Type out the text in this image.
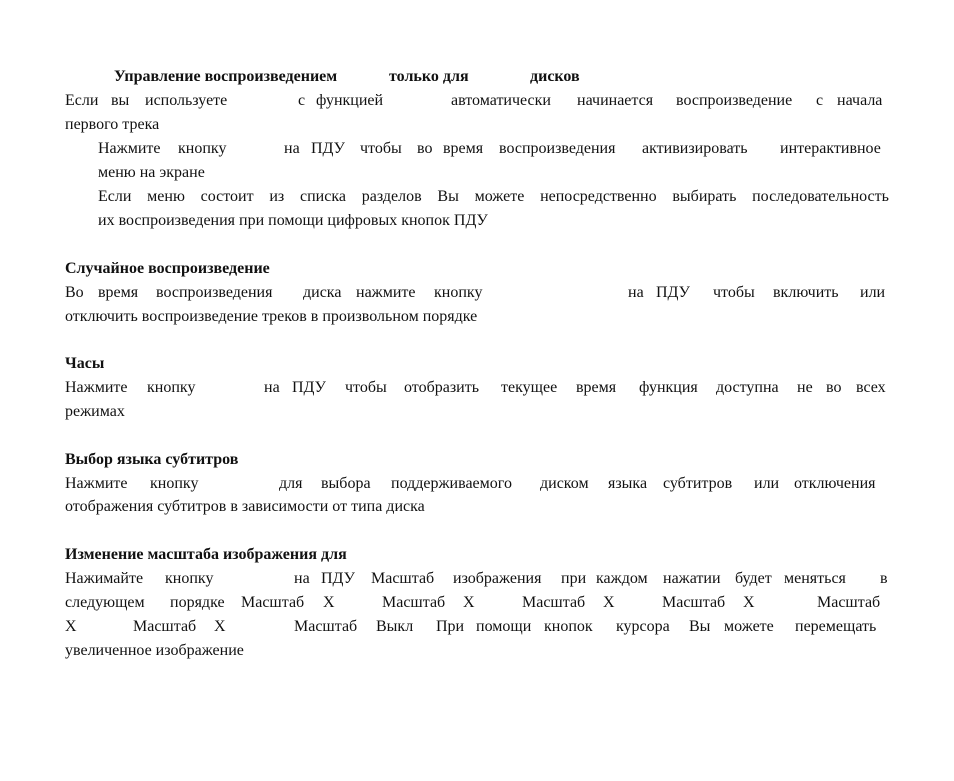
Управление воспроизведением	только для	дисков
Если вы используете	с функцией	автоматически начинается воспроизведение с начала
первого трека
Нажмите кнопку	на ПДУ чтобы во время воспроизведения активизировать интерактивное
меню на экране
Если меню состоит из списка разделов Вы можете непосредственно выбирать последовательность
их воспроизведения при помощи цифровых кнопок ПДУ
Случайное воспроизведение
Во время воспроизведения диска нажмите кнопку	на ПДУ чтобы включить или
отключить воспроизведение треков в произвольном порядке
Часы
Нажмите кнопку	на ПДУ чтобы отобразить текущее время функция доступна не во всех
режимах
Выбор языка субтитров
Нажмите кнопку	для выбора поддерживаемого диском языка субтитров или отключения
отображения субтитров в зависимости от типа диска
Изменение масштаба изображения для
Нажимайте кнопку	на ПДУ Масштаб изображения при каждом нажатии будет меняться в
следующем порядке Масштаб Х	Масштаб Х	Масштаб Х	Масштаб Х	Масштаб
Х	Масштаб Х	Масштаб Выкл При помощи кнопок курсора Вы можете перемещать
увеличенное изображение
